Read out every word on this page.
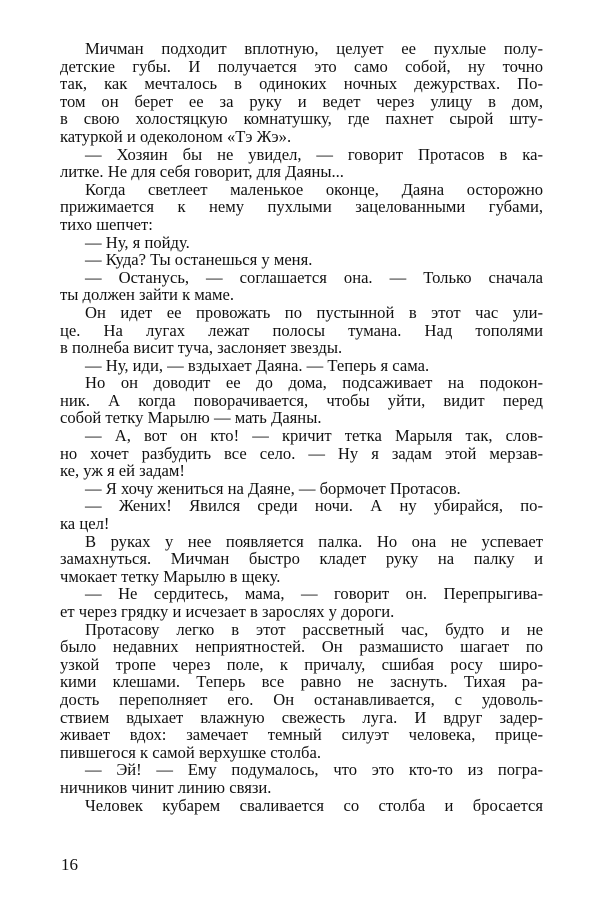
Мичман подходит вплотную, целует ее пухлые полу-
детские губы. И получается это само собой, ну точно
так, как мечталось в одиноких ночных дежурствах. По-
том он берет ее за руку и ведет через улицу в дом,
в свою холостяцкую комнатушку, где пахнет сырой шту-
катуркой и одеколоном «Тэ Жэ».
— Хозяин бы не увидел, — говорит Протасов в ка-
литке. Не для себя говорит, для Даяны...
Когда светлеет маленькое оконце, Даяна осторожно
прижимается к нему пухлыми зацелованными губами,
тихо шепчет:
— Ну, я пойду.
— Куда? Ты останешься у меня.
— Останусь, — соглашается она. — Только сначала
ты должен зайти к маме.
Он идет ее провожать по пустынной в этот час ули-
це. На лугах лежат полосы тумана. Над тополями
в полнеба висит туча, заслоняет звезды.
— Ну, иди, — вздыхает Даяна. — Теперь я сама.
Но он доводит ее до дома, подсаживает на подокон-
ник. А когда поворачивается, чтобы уйти, видит перед
собой тетку Марылю — мать Даяны.
— А, вот он кто! — кричит тетка Марыля так, слов-
но хочет разбудить все село. — Ну я задам этой мерзав-
ке, уж я ей задам!
— Я хочу жениться на Даяне, — бормочет Протасов.
— Жених! Явился среди ночи. А ну убирайся, по-
ка цел!
В руках у нее появляется палка. Но она не успевает
замахнуться. Мичман быстро кладет руку на палку и
чмокает тетку Марылю в щеку.
— Не сердитесь, мама, — говорит он. Перепрыгива-
ет через грядку и исчезает в зарослях у дороги.
Протасову легко в этот рассветный час, будто и не
было недавних неприятностей. Он размашисто шагает по
узкой тропе через поле, к причалу, сшибая росу широ-
кими клешами. Теперь все равно не заснуть. Тихая ра-
дость переполняет его. Он останавливается, с удоволь-
ствием вдыхает влажную свежесть луга. И вдруг задер-
живает вдох: замечает темный силуэт человека, прице-
пившегося к самой верхушке столба.
— Эй! — Ему подумалось, что это кто-то из погра-
ничников чинит линию связи.
Человек кубарем сваливается со столба и бросается
16
